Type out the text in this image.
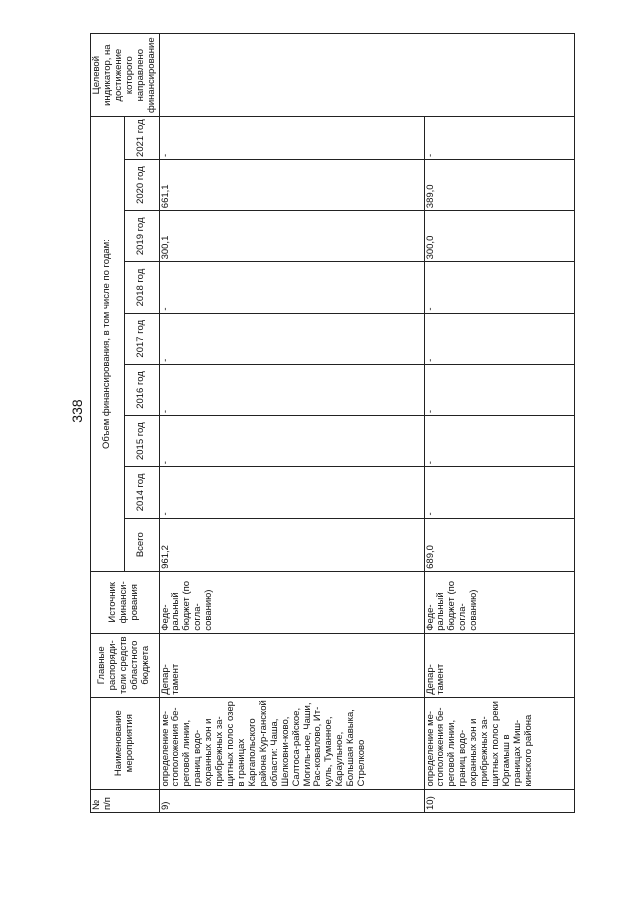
338
№ п/п	Наименование мероприятия	Главные распоряди-тели средств областного бюджета	Источник финанси-рования	Объем финансирования, в том числе по годам:									Целевой индикатор, на достижение которого направлено финансирование
				Всего	2014 год	2015 год	2016 год	2017 год	2018 год	2019 год	2020 год	2021 год	
9)	определение ме-стоположения бе-реговой линии, границ водо-охранных зон и прибрежных за-щитных полос озер в границах Каргапольского района Кур-ганской области: Чаша, Шелковни-ково, Салтоса-райское, Могиль-ное, Чаши, Рас-ковалово, Ит-куль, Туманное, Караульное, Большая Кавыка, Стрелково	Депар-тамент	Феде-ральный бюджет (по согла-сованию)	961,2	-	-	-	-	-	300,1	661,1	-	
10)	определение ме-стоположения бе-реговой линии, границ водо-охранных зон и прибрежных за-щитных полос реки Юргамыш в границах Миш-кинского района	Депар-тамент	Феде-ральный бюджет (по согла-сованию)	689,0	-	-	-	-	-	300,0	389,0	-	
